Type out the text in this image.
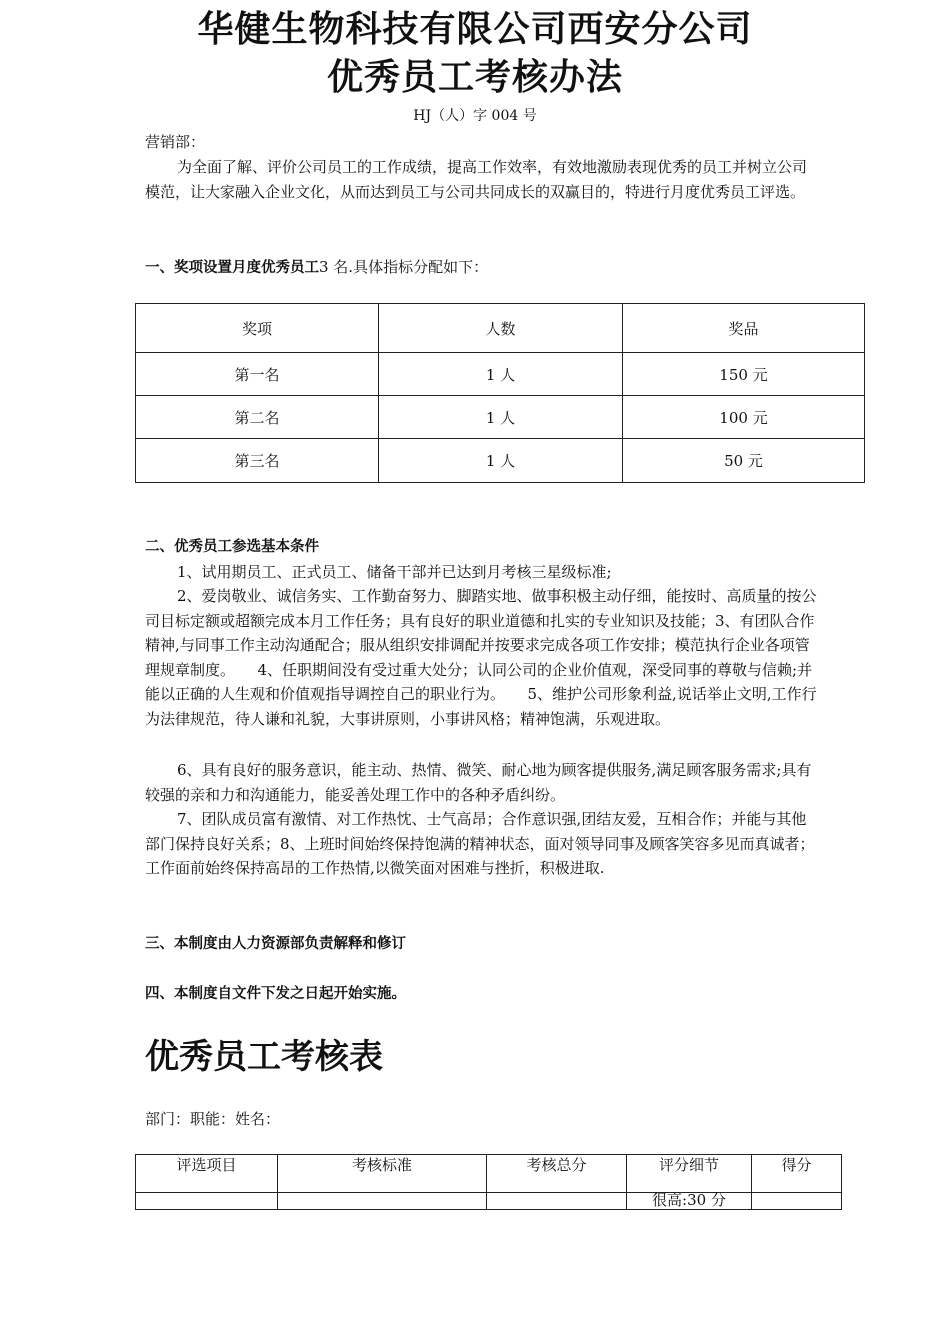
华健生物科技有限公司西安分公司
优秀员工考核办法
HJ（人）字 004 号
营销部：
为全面了解、评价公司员工的工作成绩，提高工作效率，有效地激励表现优秀的员工并树立公司模范，让大家融入企业文化，从而达到员工与公司共同成长的双赢目的，特进行月度优秀员工评选。
一、奖项设置月度优秀员工3 名.具体指标分配如下：
奖项	人数	奖品
第一名	1 人	150 元
第二名	1 人	100 元
第三名	1 人	50 元
二、优秀员工参选基本条件
1、试用期员工、正式员工、储备干部并已达到月考核三星级标准;
2、爱岗敬业、诚信务实、工作勤奋努力、脚踏实地、做事积极主动仔细，能按时、高质量的按公司目标定额或超额完成本月工作任务；具有良好的职业道德和扎实的专业知识及技能；3、有团队合作精神,与同事工作主动沟通配合；服从组织安排调配并按要求完成各项工作安排；模范执行企业各项管理规章制度。　　4、任职期间没有受过重大处分；认同公司的企业价值观，深受同事的尊敬与信赖;并能以正确的人生观和价值观指导调控自己的职业行为。　　5、维护公司形象利益,说话举止文明,工作行为法律规范，待人谦和礼貌，大事讲原则，小事讲风格；精神饱满，乐观进取。
6、具有良好的服务意识，能主动、热情、微笑、耐心地为顾客提供服务,满足顾客服务需求;具有较强的亲和力和沟通能力，能妥善处理工作中的各种矛盾纠纷。
7、团队成员富有激情、对工作热忱、士气高昂；合作意识强,团结友爱，互相合作；并能与其他部门保持良好关系；8、上班时间始终保持饱满的精神状态，面对领导同事及顾客笑容多见而真诚者；工作面前始终保持高昂的工作热情,以微笑面对困难与挫折，积极进取.
三、本制度由人力资源部负责解释和修订
四、本制度自文件下发之日起开始实施。
优秀员工考核表
部门：职能：姓名：
评选项目	考核标准	考核总分	评分细节	得分
			很高:30 分	
